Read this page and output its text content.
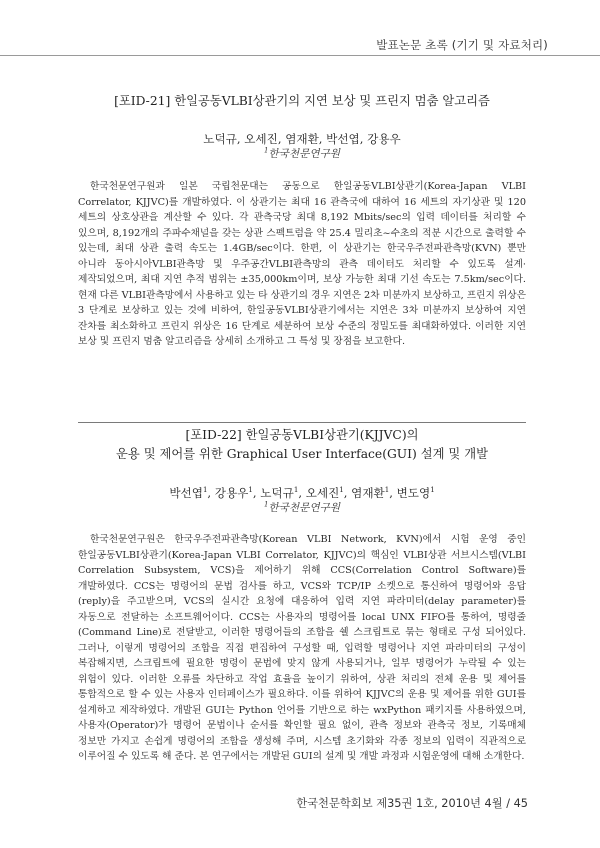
발표논문 초록 (기기 및 자료처리)

[포ID-21] 한일공동VLBI상관기의 지연 보상 및 프린지 멈춤 알고리즘

노덕규, 오세진, 염재환, 박선엽, 강용우
$^1$한국천문연구원
한국천문연구원과 일본 국립천문대는 공동으로 한일공동VLBI상관기(Korea-Japan VLBI Correlator, KJJVC)를 개발하였다. 이 상관기는 최대 16 관측국에 대하여 16 세트의 자기상관 및 120 세트의 상호상관을 계산할 수 있다. 각 관측국당 최대 8,192 Mbits/sec의 입력 데이터를 처리할 수 있으며, 8,192개의 주파수채널을 갖는 상관 스펙트럼을 약 25.4 밀리초~수초의 적분 시간으로 출력할 수 있는데, 최대 상관 출력 속도는 1.4GB/sec이다. 한편, 이 상관기는 한국우주전파관측망(KVN) 뿐만 아니라 동아시아VLBI관측망 및 우주공간VLBI관측망의 관측 데이터도 처리할 수 있도록 설계·제작되었으며, 최대 지연 추적 범위는 ±35,000km이며, 보상 가능한 최대 기선 속도는 7.5km/sec이다. 현재 다른 VLBI관측망에서 사용하고 있는 타 상관기의 경우 지연은 2차 미분까지 보상하고, 프린지 위상은 3 단계로 보상하고 있는 것에 비하여, 한일공동VLBI상관기에서는 지연은 3차 미분까지 보상하여 지연 잔차를 최소화하고 프린지 위상은 16 단계로 세분하여 보상 수준의 정밀도를 최대화하였다. 이러한 지연 보상 및 프린지 멈춤 알고리즘을 상세히 소개하고 그 특성 및 장점을 보고한다.

[포ID-22] 한일공동VLBI상관기(KJJVC)의
운용 및 제어를 위한 Graphical User Interface(GUI) 설계 및 개발

박선엽$^1$, 강용우$^1$, 노덕규$^1$, 오세진$^1$, 염재환$^1$, 변도영$^1$
$^1$한국천문연구원
한국천문연구원은 한국우주전파관측망(Korean VLBI Network, KVN)에서 시험 운영 중인 한일공동VLBI상관기(Korea-Japan VLBI Correlator, KJJVC)의 핵심인 VLBI상관 서브시스템(VLBI Correlation Subsystem, VCS)을 제어하기 위해 CCS(Correlation Control Software)를 개발하였다. CCS는 명령어의 문법 검사를 하고, VCS와 TCP/IP 소켓으로 통신하여 명령어와 응답(reply)을 주고받으며, VCS의 실시간 요청에 대응하여 입력 지연 파라미터(delay parameter)를 자동으로 전달하는 소프트웨어이다. CCS는 사용자의 명령어를 local UNX FIFO를 통하여, 명령줄(Command Line)로 전달받고, 이러한 명령어들의 조합을 쉘 스크립트로 묶는 형태로 구성 되어있다. 그러나, 이렇게 명령어의 조합을 직접 편집하여 구성할 때, 입력할 명령어나 지연 파라미터의 구성이 복잡해지면, 스크립트에 필요한 명령이 문법에 맞지 않게 사용되거나, 일부 명령어가 누락될 수 있는 위험이 있다. 이러한 오류를 차단하고 작업 효율을 높이기 위하여, 상관 처리의 전체 운용 및 제어를 통합적으로 할 수 있는 사용자 인터페이스가 필요하다. 이를 위하여 KJJVC의 운용 및 제어를 위한 GUI를 설계하고 제작하였다. 개발된 GUI는 Python 언어를 기반으로 하는 wxPython 패키지를 사용하였으며, 사용자(Operator)가 명령어 문법이나 순서를 확인할 필요 없이, 관측 정보와 관측국 정보, 기록매체 정보만 가지고 손쉽게 명령어의 조합을 생성해 주며, 시스템 초기화와 각종 정보의 입력이 직관적으로 이루어질 수 있도록 해 준다. 본 연구에서는 개발된 GUI의 설계 및 개발 과정과 시험운영에 대해 소개한다.
한국천문학회보 제35권 1호, 2010년 4월 / 45
